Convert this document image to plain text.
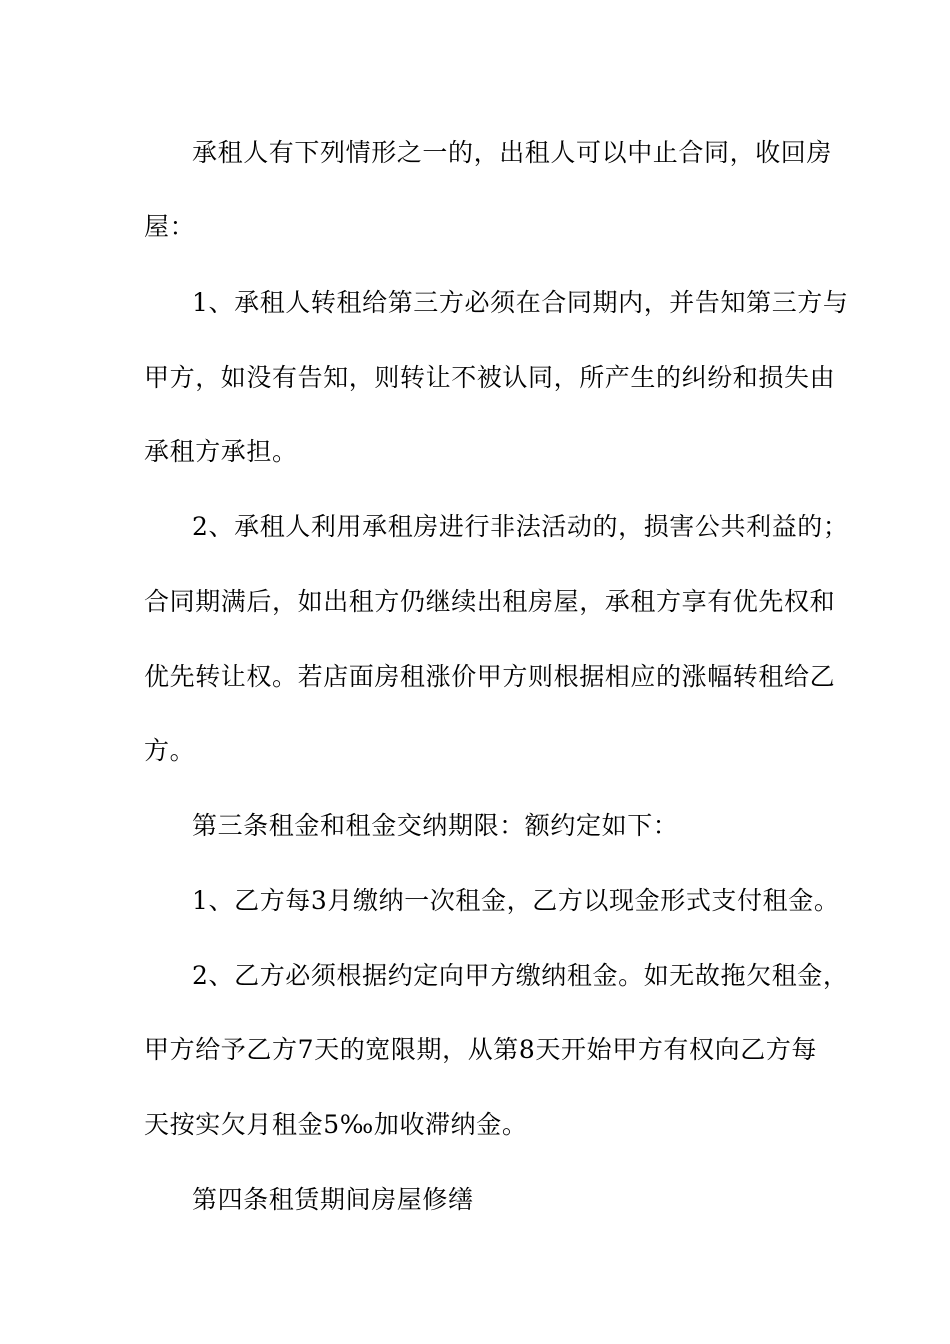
承租人有下列情形之一的，出租人可以中止合同，收回房
屋：
1、承租人转租给第三方必须在合同期内，并告知第三方与
甲方，如没有告知，则转让不被认同，所产生的纠纷和损失由
承租方承担。
2、承租人利用承租房进行非法活动的，损害公共利益的；
合同期满后，如出租方仍继续出租房屋，承租方享有优先权和
优先转让权。若店面房租涨价甲方则根据相应的涨幅转租给乙
方。
第三条租金和租金交纳期限：额约定如下：
1、乙方每3月缴纳一次租金，乙方以现金形式支付租金。
2、乙方必须根据约定向甲方缴纳租金。如无故拖欠租金，
甲方给予乙方7天的宽限期，从第8天开始甲方有权向乙方每
天按实欠月租金5‰加收滞纳金。
第四条租赁期间房屋修缮
